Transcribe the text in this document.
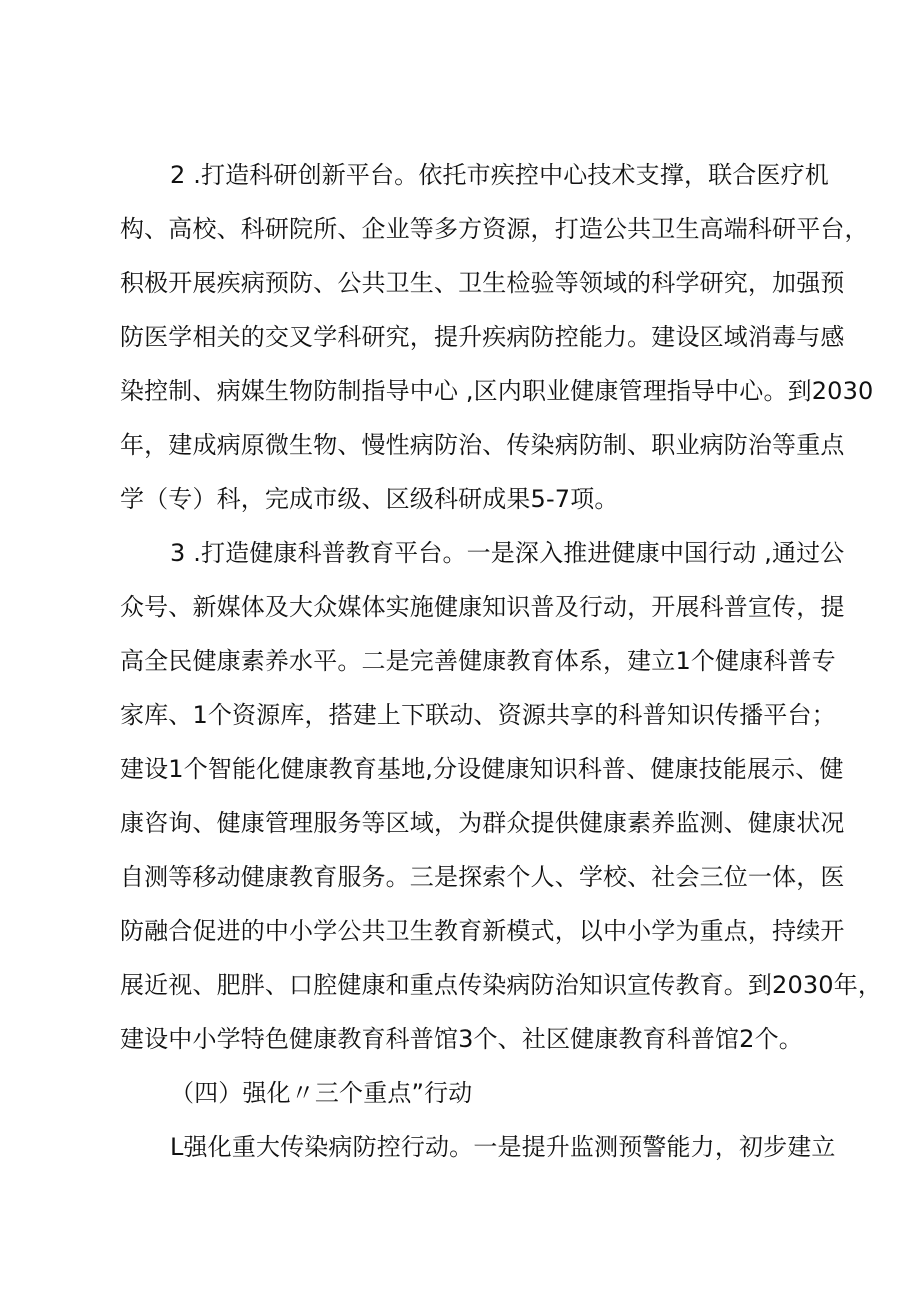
2 .打造科研创新平台。依托市疾控中心技术支撑，联合医疗机
构、高校、科研院所、企业等多方资源，打造公共卫生高端科研平台，
积极开展疾病预防、公共卫生、卫生检验等领域的科学研究，加强预
防医学相关的交叉学科研究，提升疾病防控能力。建设区域消毒与感
染控制、病媒生物防制指导中心 ,区内职业健康管理指导中心。到2030
年，建成病原微生物、慢性病防治、传染病防制、职业病防治等重点
学（专）科，完成市级、区级科研成果5-7项。
3 .打造健康科普教育平台。一是深入推进健康中国行动 ,通过公
众号、新媒体及大众媒体实施健康知识普及行动，开展科普宣传，提
高全民健康素养水平。二是完善健康教育体系，建立1个健康科普专
家库、1个资源库，搭建上下联动、资源共享的科普知识传播平台；
建设1个智能化健康教育基地,分设健康知识科普、健康技能展示、健
康咨询、健康管理服务等区域，为群众提供健康素养监测、健康状况
自测等移动健康教育服务。三是探索个人、学校、社会三位一体，医
防融合促进的中小学公共卫生教育新模式，以中小学为重点，持续开
展近视、肥胖、口腔健康和重点传染病防治知识宣传教育。到2030年，
建设中小学特色健康教育科普馆3个、社区健康教育科普馆2个。
（四）强化〃三个重点”行动
L强化重大传染病防控行动。一是提升监测预警能力，初步建立
